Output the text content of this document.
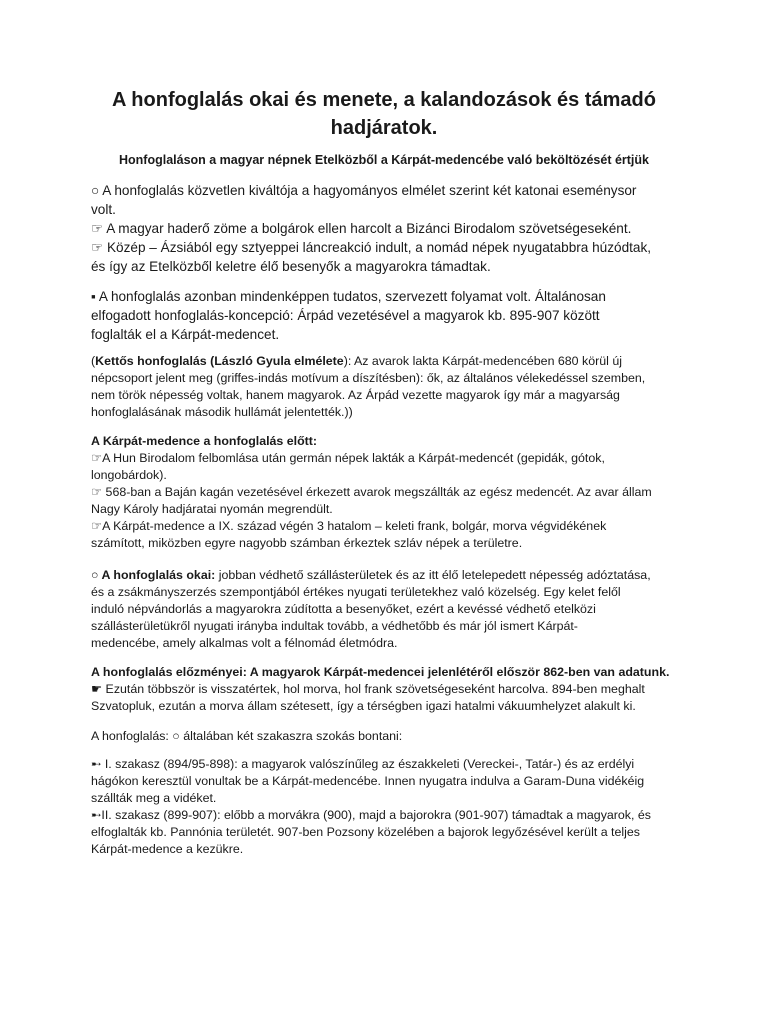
A honfoglalás okai és menete, a kalandozások és támadó
hadjáratok.

Honfoglaláson a magyar népnek Etelközből a Kárpát-medencébe való beköltözését értjük

○ A honfoglalás közvetlen kiváltója a hagyományos elmélet szerint két katonai eseménysor
volt.
☞ A magyar haderő zöme a bolgárok ellen harcolt a Bizánci Birodalom szövetségeseként.
☞ Közép – Ázsiából egy sztyeppei láncreakció indult, a nomád népek nyugatabbra húzódtak,
és így az Etelközből keletre élő besenyők a magyarokra támadtak.
▪ A honfoglalás azonban mindenképpen tudatos, szervezett folyamat volt. Általánosan
elfogadott honfoglalás-koncepció: Árpád vezetésével a magyarok kb. 895-907 között
foglalták el a Kárpát-medencet.
(Kettős honfoglalás (László Gyula elmélete): Az avarok lakta Kárpát-medencében 680 körül új
népcsoport jelent meg (griffes-indás motívum a díszítésben): ők, az általános vélekedéssel szemben,
nem török népesség voltak, hanem magyarok. Az Árpád vezette magyarok így már a magyarság
honfoglalásának második hullámát jelentették.))
A Kárpát-medence a honfoglalás előtt:
☞A Hun Birodalom felbomlása után germán népek lakták a Kárpát-medencét (gepidák, gótok,
longobárdok).
☞ 568-ban a Baján kagán vezetésével érkezett avarok megszállták az egész medencét. Az avar állam
Nagy Károly hadjáratai nyomán megrendült.
☞A Kárpát-medence a IX. század végén 3 hatalom – keleti frank, bolgár, morva végvidékének
számított, miközben egyre nagyobb számban érkeztek szláv népek a területre.
○ A honfoglalás okai: jobban védhető szállásterületek és az itt élő letelepedett népesség adóztatása,
és a zsákmányszerzés szempontjából értékes nyugati területekhez való közelség. Egy kelet felől
induló népvándorlás a magyarokra zúdította a besenyőket, ezért a kevéssé védhető etelközi
szállásterületükről nyugati irányba indultak tovább, a védhetőbb és már jól ismert Kárpát-
medencébe, amely alkalmas volt a félnomád életmódra.
A honfoglalás előzményei: A magyarok Kárpát-medencei jelenlétéről először 862-ben van adatunk.
☛ Ezután többször is visszatértek, hol morva, hol frank szövetségeseként harcolva. 894-ben meghalt
Szvatopluk, ezután a morva állam szétesett, így a térségben igazi hatalmi vákuumhelyzet alakult ki.
A honfoglalás: ○ általában két szakaszra szokás bontani:
➸ I. szakasz (894/95-898): a magyarok valószínűleg az északkeleti (Vereckei-, Tatár-) és az erdélyi
hágókon keresztül vonultak be a Kárpát-medencébe. Innen nyugatra indulva a Garam-Duna vidékéig
szállták meg a vidéket.
➸II. szakasz (899-907): előbb a morvákra (900), majd a bajorokra (901-907) támadtak a magyarok, és
elfoglalták kb. Pannónia területét. 907-ben Pozsony közelében a bajorok legyőzésével került a teljes
Kárpát-medence a kezükre.
